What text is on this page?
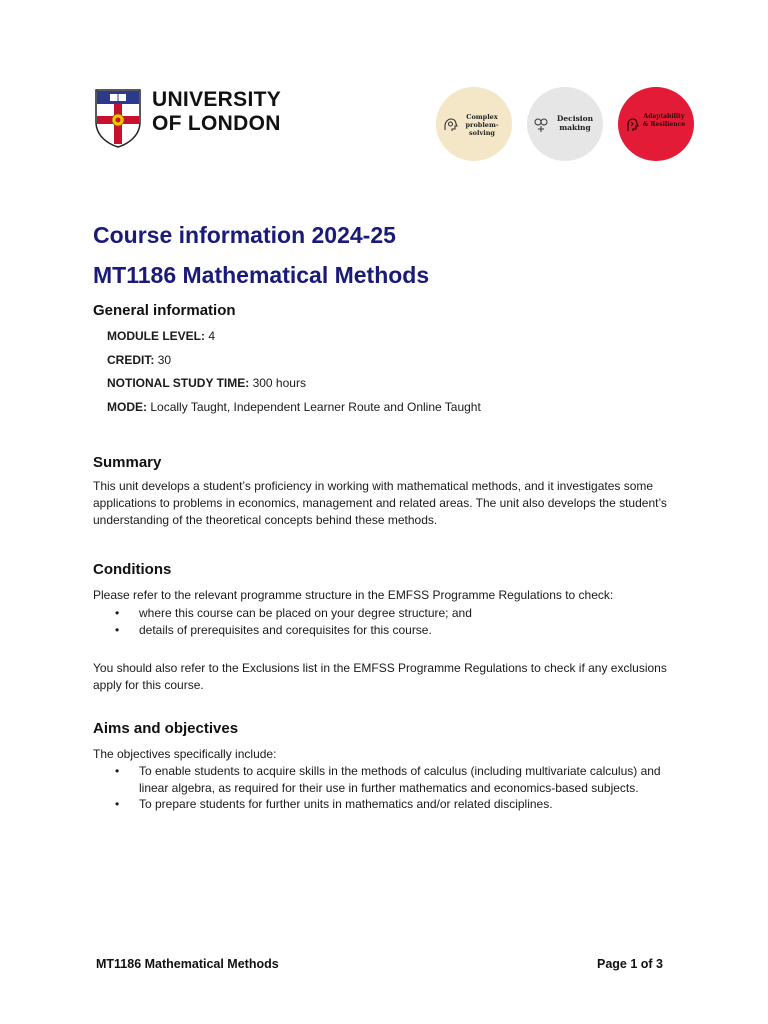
UNIVERSITY
OF LONDON	Complex problem-solving
Decision making
Adaptability & Resilience
Course information 2024-25
MT1186 Mathematical Methods
General information
MODULE LEVEL: 4
CREDIT: 30
NOTIONAL STUDY TIME: 300 hours
MODE: Locally Taught, Independent Learner Route and Online Taught
Summary
This unit develops a student’s proficiency in working with mathematical methods, and it investigates some applications to problems in economics, management and related areas. The unit also develops the student’s understanding of the theoretical concepts behind these methods.
Conditions
Please refer to the relevant programme structure in the EMFSS Programme Regulations to check:
• where this course can be placed on your degree structure; and
• details of prerequisites and corequisites for this course.
You should also refer to the Exclusions list in the EMFSS Programme Regulations to check if any exclusions apply for this course.
Aims and objectives
The objectives specifically include:
• To enable students to acquire skills in the methods of calculus (including multivariate calculus) and linear algebra, as required for their use in further mathematics and economics-based subjects.
• To prepare students for further units in mathematics and/or related disciplines.
MT1186 Mathematical Methods	Page 1 of 3
